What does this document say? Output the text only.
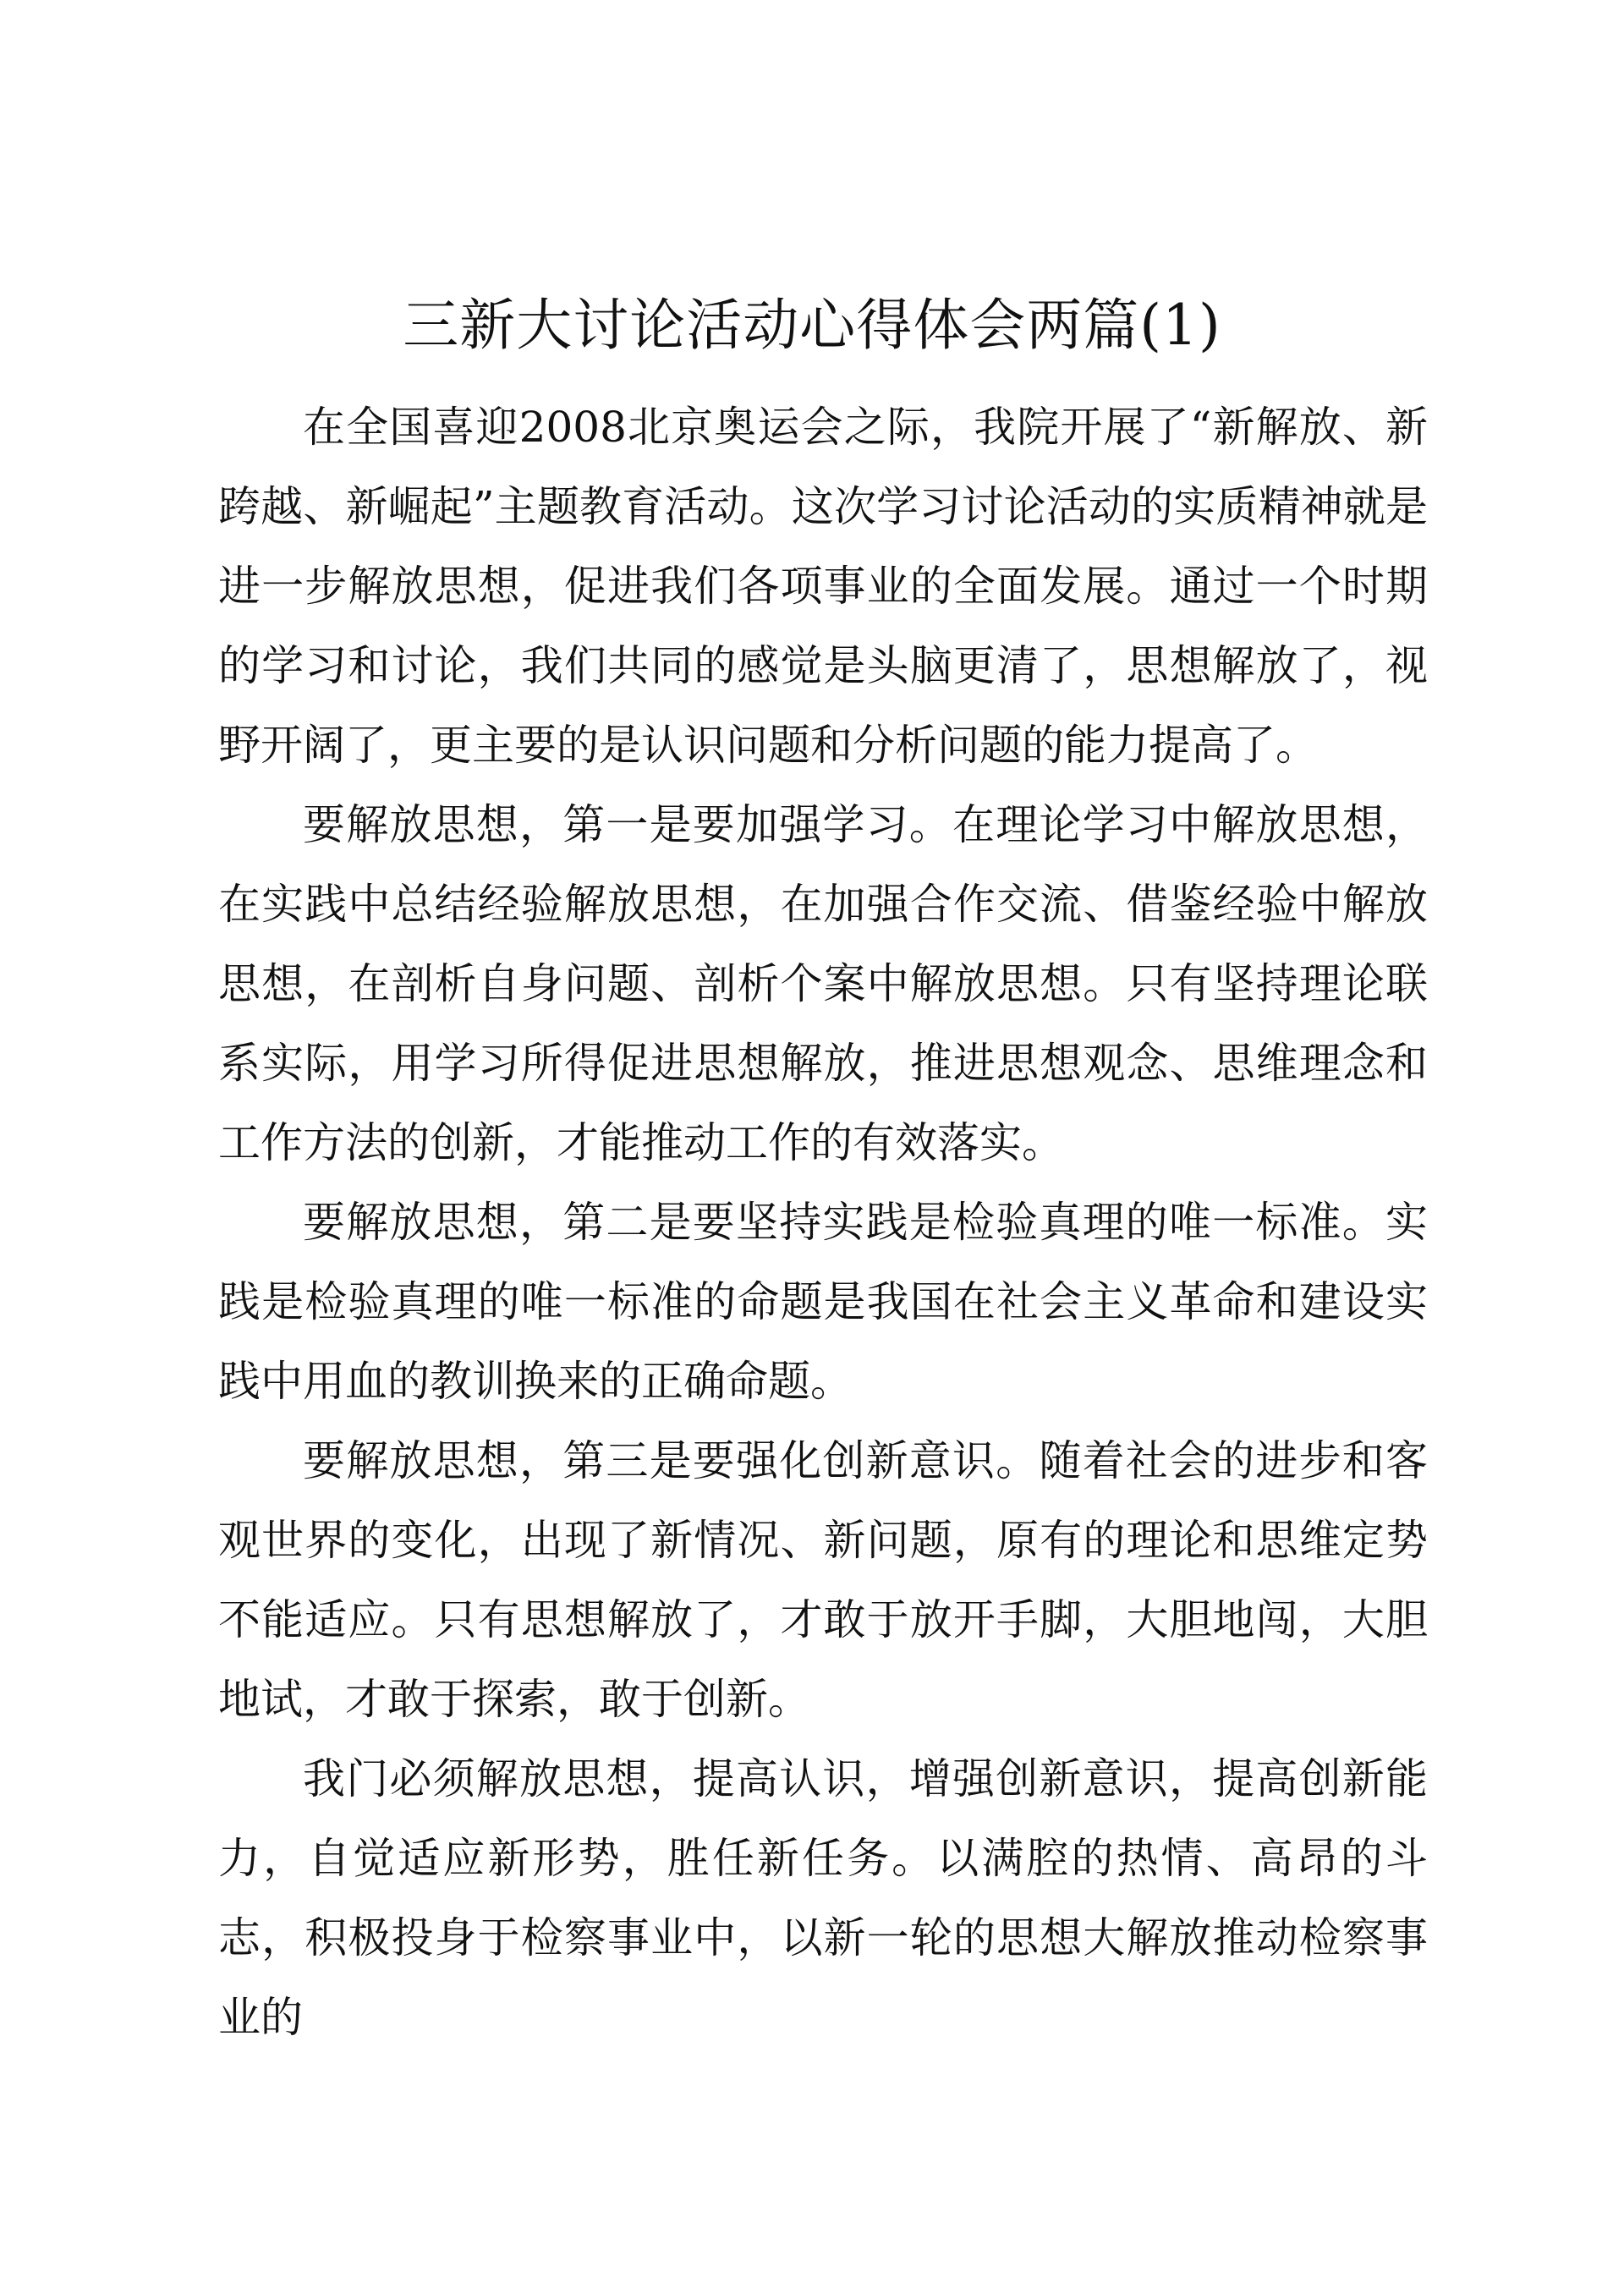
三新大讨论活动心得体会两篇(1)

在全国喜迎2008北京奥运会之际，我院开展了“新解放、新跨越、新崛起”主题教育活动。这次学习讨论活动的实质精神就是进一步解放思想，促进我们各项事业的全面发展。通过一个时期的学习和讨论，我们共同的感觉是头脑更清了，思想解放了，视野开阔了，更主要的是认识问题和分析问题的能力提高了。

要解放思想，第一是要加强学习。在理论学习中解放思想，在实践中总结经验解放思想，在加强合作交流、借鉴经验中解放思想，在剖析自身问题、剖析个案中解放思想。只有坚持理论联系实际，用学习所得促进思想解放，推进思想观念、思维理念和工作方法的创新，才能推动工作的有效落实。

要解放思想，第二是要坚持实践是检验真理的唯一标准。实践是检验真理的唯一标准的命题是我国在社会主义革命和建设实践中用血的教训换来的正确命题。

要解放思想，第三是要强化创新意识。随着社会的进步和客观世界的变化，出现了新情况、新问题，原有的理论和思维定势不能适应。只有思想解放了，才敢于放开手脚，大胆地闯，大胆地试，才敢于探索，敢于创新。

我门必须解放思想，提高认识，增强创新意识，提高创新能力，自觉适应新形势，胜任新任务。以满腔的热情、高昂的斗志，积极投身于检察事业中，以新一轮的思想大解放推动检察事业的
